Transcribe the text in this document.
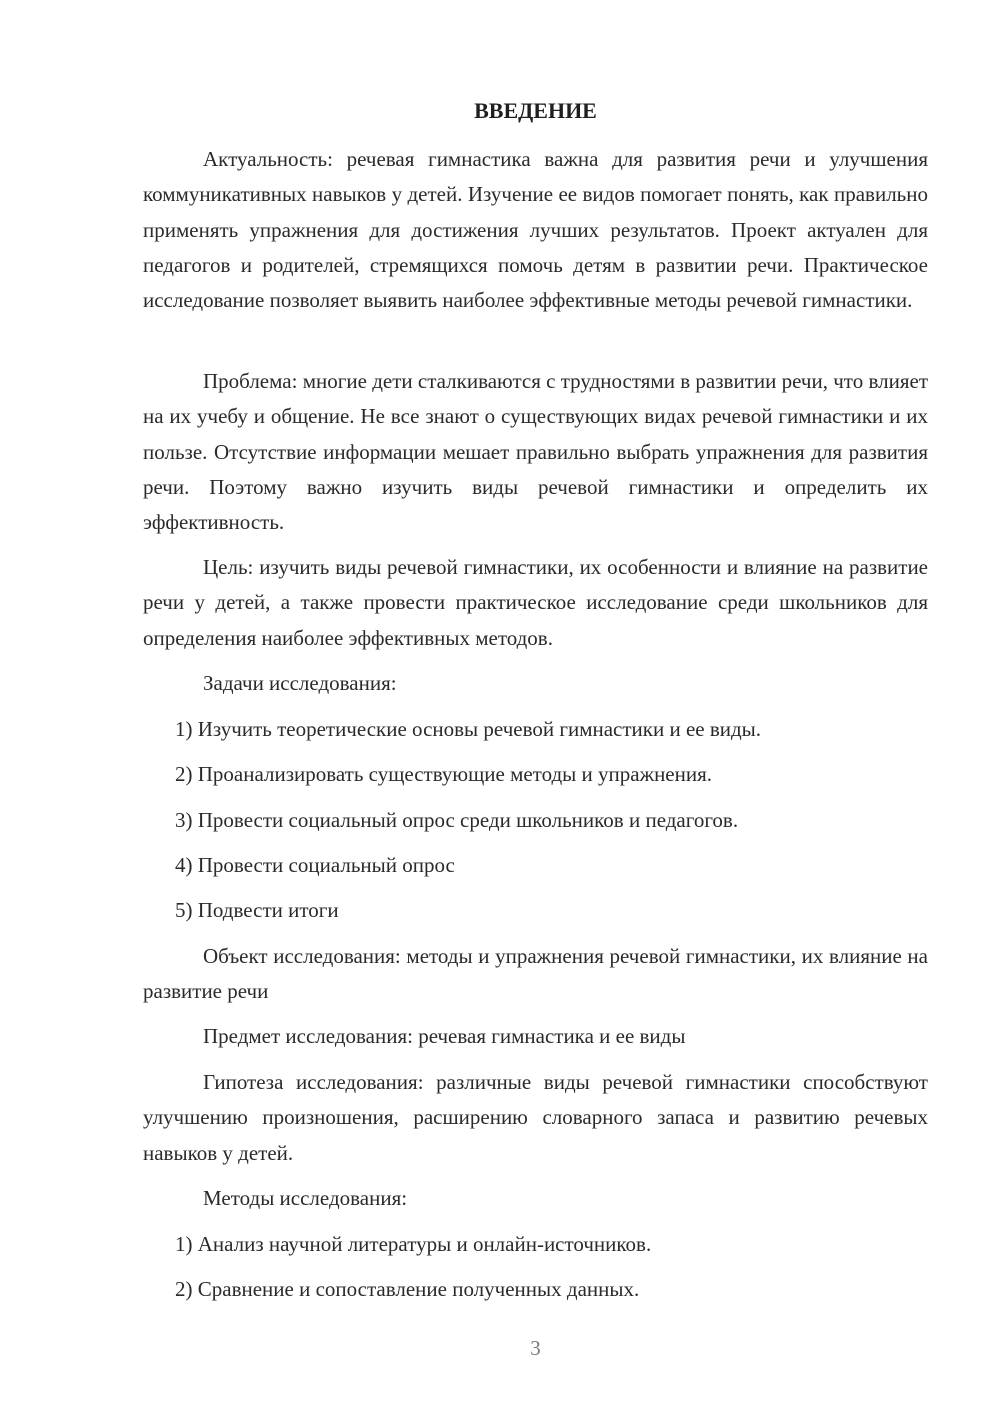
ВВЕДЕНИЕ

Актуальность: речевая гимнастика важна для развития речи и улучшения коммуникативных навыков у детей. Изучение ее видов помогает понять, как правильно применять упражнения для достижения лучших результатов. Проект актуален для педагогов и родителей, стремящихся помочь детям в развитии речи. Практическое исследование позволяет выявить наиболее эффективные методы речевой гимнастики.

Проблема: многие дети сталкиваются с трудностями в развитии речи, что влияет на их учебу и общение. Не все знают о существующих видах речевой гимнастики и их пользе. Отсутствие информации мешает правильно выбрать упражнения для развития речи. Поэтому важно изучить виды речевой гимнастики и определить их эффективность.

Цель: изучить виды речевой гимнастики, их особенности и влияние на развитие речи у детей, а также провести практическое исследование среди школьников для определения наиболее эффективных методов.

Задачи исследования:

1) Изучить теоретические основы речевой гимнастики и ее виды.

2) Проанализировать существующие методы и упражнения.

3) Провести социальный опрос среди школьников и педагогов.

4) Провести социальный опрос

5) Подвести итоги

Объект исследования: методы и упражнения речевой гимнастики, их влияние на развитие речи

Предмет исследования: речевая гимнастика и ее виды

Гипотеза исследования: различные виды речевой гимнастики способствуют улучшению произношения, расширению словарного запаса и развитию речевых навыков у детей.

Методы исследования:

1) Анализ научной литературы и онлайн-источников.

2) Сравнение и сопоставление полученных данных.

3
